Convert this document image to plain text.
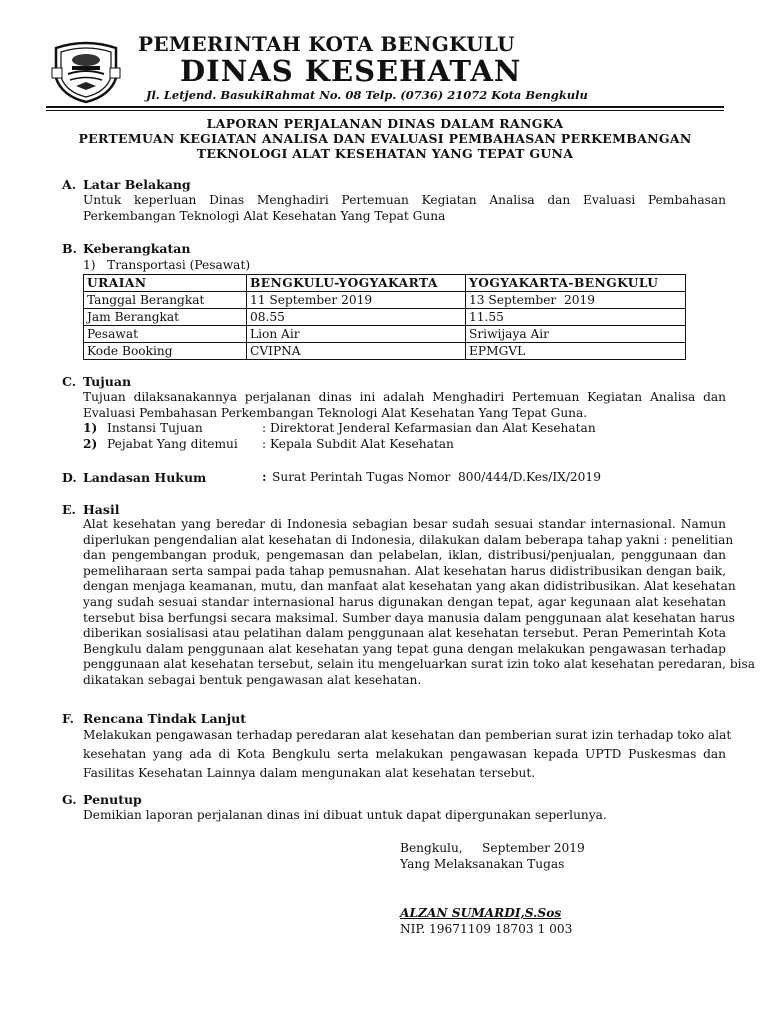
PEMERINTAH KOTA BENGKULU
DINAS KESEHATAN
Jl. Letjend. BasukiRahmat No. 08 Telp. (0736) 21072 Kota Bengkulu
LAPORAN PERJALANAN DINAS DALAM RANGKA
PERTEMUAN KEGIATAN ANALISA DAN EVALUASI PEMBAHASAN PERKEMBANGAN
TEKNOLOGI ALAT KESEHATAN YANG TEPAT GUNA
A. Latar Belakang
Untuk keperluan Dinas Menghadiri Pertemuan Kegiatan Analisa dan Evaluasi Pembahasan Perkembangan Teknologi Alat Kesehatan Yang Tepat Guna
B. Keberangkatan
1)   Transportasi (Pesawat)
URAIAN	BENGKULU-YOGYAKARTA	YOGYAKARTA-BENGKULU
Tanggal Berangkat	11 September 2019	13 September  2019
Jam Berangkat	08.55	11.55
Pesawat	Lion Air	Sriwijaya Air
Kode Booking	CVIPNA	EPMGVL
C. Tujuan
Tujuan dilaksanakannya perjalanan dinas ini adalah Menghadiri Pertemuan Kegiatan Analisa dan Evaluasi Pembahasan Perkembangan Teknologi Alat Kesehatan Yang Tepat Guna.
1) Instansi Tujuan	: Direktorat Jenderal Kefarmasian dan Alat Kesehatan
2) Pejabat Yang ditemui : Kepala Subdit Alat Kesehatan
D. Landasan Hukum	: Surat Perintah Tugas Nomor  800/444/D.Kes/IX/2019
E. Hasil
Alat kesehatan yang beredar di Indonesia sebagian besar sudah sesuai standar internasional. Namun
diperlukan pengendalian alat kesehatan di Indonesia, dilakukan dalam beberapa tahap yakni : penelitian
dan pengembangan produk, pengemasan dan pelabelan, iklan, distribusi/penjualan, penggunaan dan
pemeliharaan serta sampai pada tahap pemusnahan. Alat kesehatan harus didistribusikan dengan baik,
dengan menjaga keamanan, mutu, dan manfaat alat kesehatan yang akan didistribusikan. Alat kesehatan
yang sudah sesuai standar internasional harus digunakan dengan tepat, agar kegunaan alat kesehatan
tersebut bisa berfungsi secara maksimal. Sumber daya manusia dalam penggunaan alat kesehatan harus
diberikan sosialisasi atau pelatihan dalam penggunaan alat kesehatan tersebut. Peran Pemerintah Kota
Bengkulu dalam penggunaan alat kesehatan yang tepat guna dengan melakukan pengawasan terhadap
penggunaan alat kesehatan tersebut, selain itu mengeluarkan surat izin toko alat kesehatan peredaran, bisa
dikatakan sebagai bentuk pengawasan alat kesehatan.
F. Rencana Tindak Lanjut
Melakukan pengawasan terhadap peredaran alat kesehatan dan pemberian surat izin terhadap toko alat
kesehatan yang ada di Kota Bengkulu serta melakukan pengawasan kepada UPTD Puskesmas dan
Fasilitas Kesehatan Lainnya dalam mengunakan alat kesehatan tersebut.
G. Penutup
Demikian laporan perjalanan dinas ini dibuat untuk dapat dipergunakan seperlunya.
Bengkulu,     September 2019
Yang Melaksanakan Tugas
ALZAN SUMARDI,S.Sos
NIP. 19671109 18703 1 003
